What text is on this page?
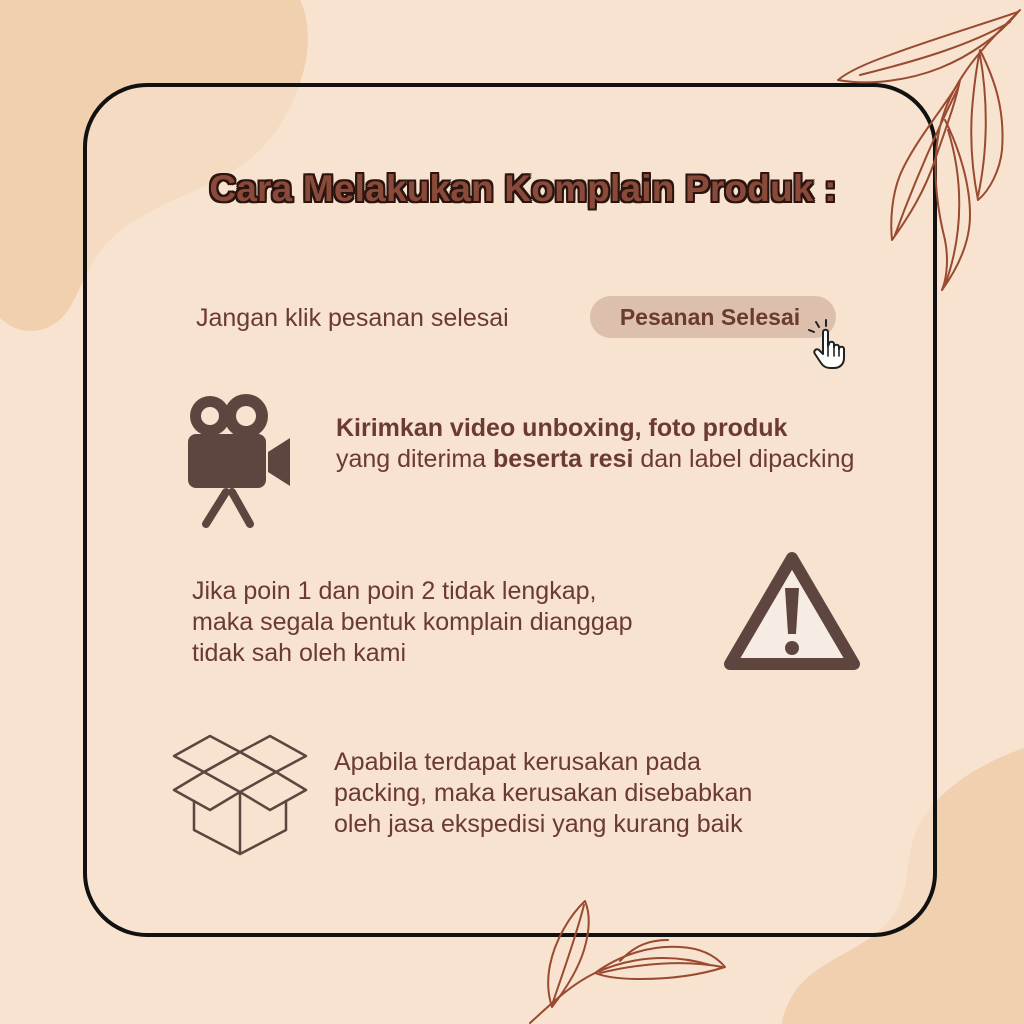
Cara Melakukan Komplain Produk :

Jangan klik pesanan selesai	Pesanan Selesai

Kirimkan video unboxing, foto produk
yang diterima beserta resi dan label dipacking

Jika poin 1 dan poin 2 tidak lengkap,
maka segala bentuk komplain dianggap
tidak sah oleh kami

Apabila terdapat kerusakan pada
packing, maka kerusakan disebabkan
oleh jasa ekspedisi yang kurang baik
